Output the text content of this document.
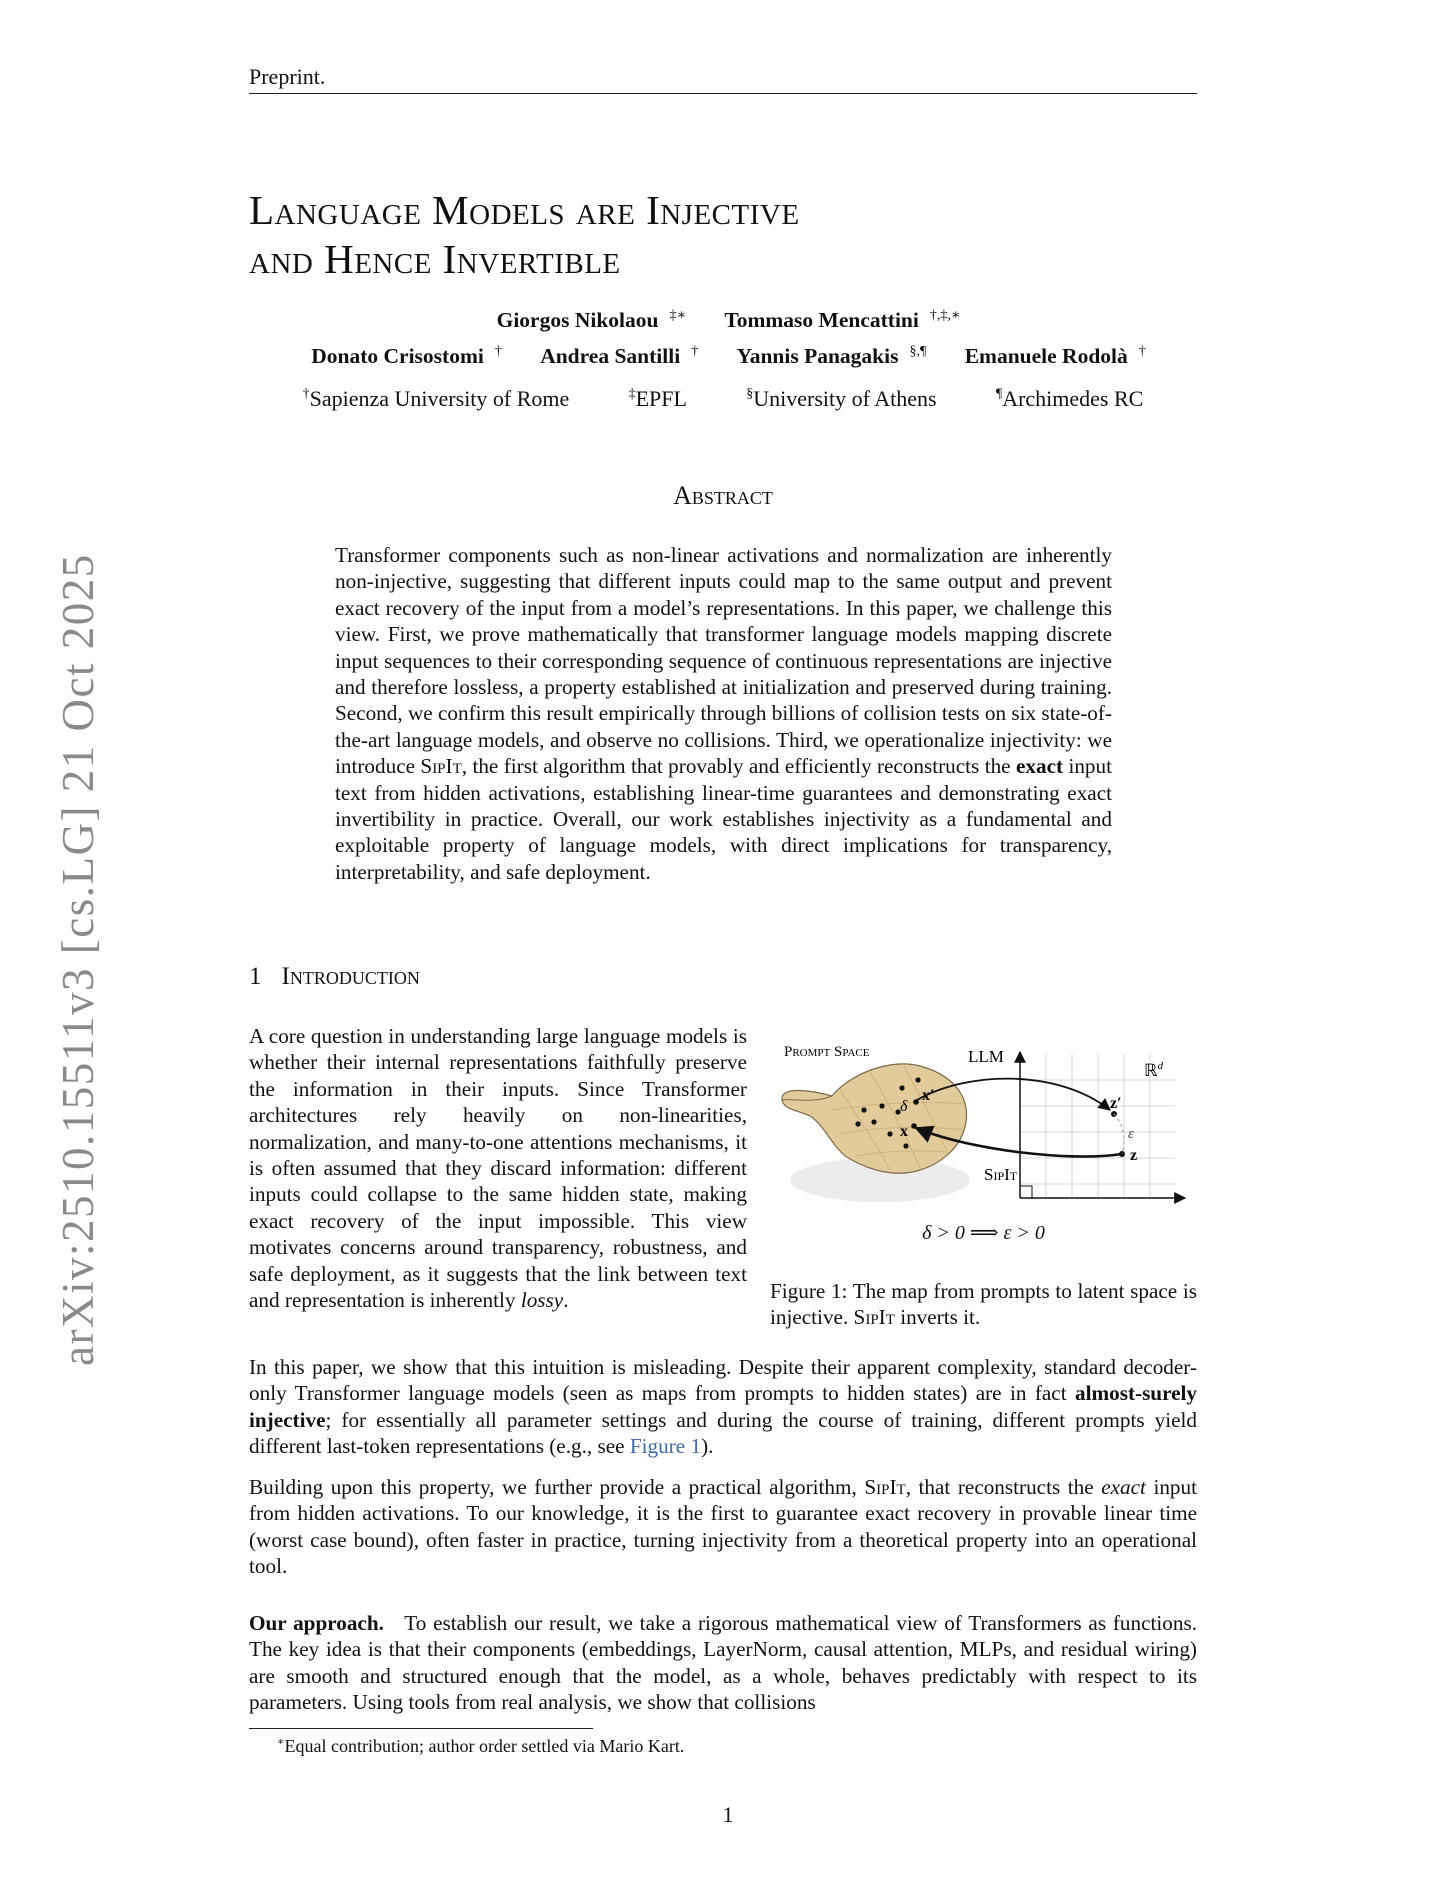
Preprint.
Language Models are Injective
and Hence Invertible
Giorgos Nikolaou ‡∗ Tommaso Mencattini †,‡,∗
Donato Crisostomi † Andrea Santilli † Yannis Panagakis §,¶ Emanuele Rodolà †
†Sapienza University of Rome	‡EPFL	§University of Athens	¶Archimedes RC
Abstract
Transformer components such as non-linear activations and normalization are inherently non-injective, suggesting that different inputs could map to the same output and prevent exact recovery of the input from a model’s representations. In this paper, we challenge this view. First, we prove mathematically that transformer language models mapping discrete input sequences to their corresponding sequence of continuous representations are injective and therefore lossless, a property established at initialization and preserved during training. Second, we confirm this result empirically through billions of collision tests on six state-of-the-art language models, and observe no collisions. Third, we operationalize injectivity: we introduce SipIt, the first algorithm that provably and efficiently reconstructs the exact input text from hidden activations, establishing linear-time guarantees and demonstrating exact invertibility in practice. Overall, our work establishes injectivity as a fundamental and exploitable property of language models, with direct implications for transparency, interpretability, and safe deployment.
1 Introduction
A core question in understanding large language models is whether their internal representations faithfully preserve the information in their inputs. Since Transformer architectures rely heavily on non-linearities, normalization, and many-to-one attentions mechanisms, it is often assumed that they discard information: different inputs could collapse to the same hidden state, making exact recovery of the input impossible. This view motivates concerns around transparency, robustness, and safe deployment, as it suggests that the link between text and representation is inherently lossy.
Prompt Space
δ
x′
x
ℝ$^d$
LLM
SipIt
z′
ε
z
δ > 0 ⟹ ε > 0
Figure 1: The map from prompts to latent space is injective. SipIt inverts it.
In this paper, we show that this intuition is misleading. Despite their apparent complexity, standard decoder-only Transformer language models (seen as maps from prompts to hidden states) are in fact almost-surely injective; for essentially all parameter settings and during the course of training, different prompts yield different last-token representations (e.g., see Figure 1).
Building upon this property, we further provide a practical algorithm, SipIt, that reconstructs the exact input from hidden activations. To our knowledge, it is the first to guarantee exact recovery in provable linear time (worst case bound), often faster in practice, turning injectivity from a theoretical property into an operational tool.
Our approach. To establish our result, we take a rigorous mathematical view of Transformers as functions. The key idea is that their components (embeddings, LayerNorm, causal attention, MLPs, and residual wiring) are smooth and structured enough that the model, as a whole, behaves predictably with respect to its parameters. Using tools from real analysis, we show that collisions
∗Equal contribution; author order settled via Mario Kart.
1
arXiv:2510.15511v3 [cs.LG] 21 Oct 2025
